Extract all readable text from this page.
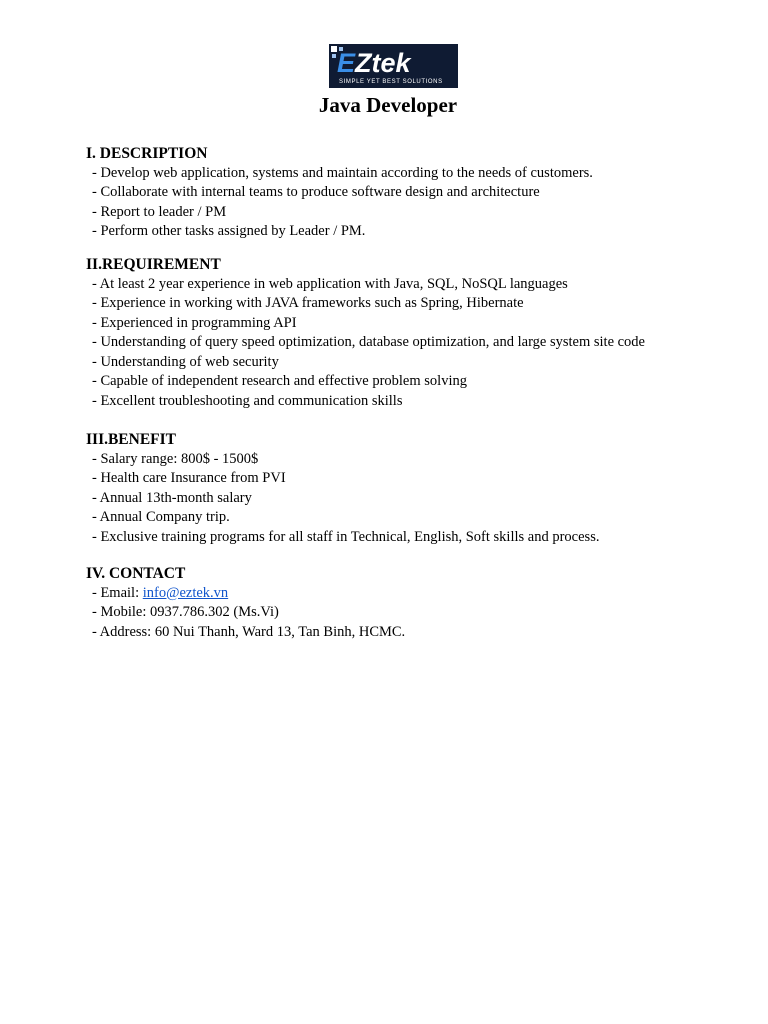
EZtek
SIMPLE YET BEST SOLUTIONS
Java Developer
I. DESCRIPTION
- Develop web application, systems and maintain according to the needs of customers.
- Collaborate with internal teams to produce software design and architecture
- Report to leader / PM
- Perform other tasks assigned by Leader / PM.
II.REQUIREMENT
- At least 2 year experience in web application with Java, SQL, NoSQL languages
- Experience in working with JAVA frameworks such as Spring, Hibernate
- Experienced in programming API
- Understanding of query speed optimization, database optimization, and large system site code
- Understanding of web security
- Capable of independent research and effective problem solving
- Excellent troubleshooting and communication skills
III.BENEFIT
- Salary range: 800$ - 1500$
- Health care Insurance from PVI
- Annual 13th-month salary
- Annual Company trip.
- Exclusive training programs for all staff in Technical, English, Soft skills and process.
IV. CONTACT
- Email: info@eztek.vn
- Mobile: 0937.786.302 (Ms.Vi)
- Address: 60 Nui Thanh, Ward 13, Tan Binh, HCMC.
